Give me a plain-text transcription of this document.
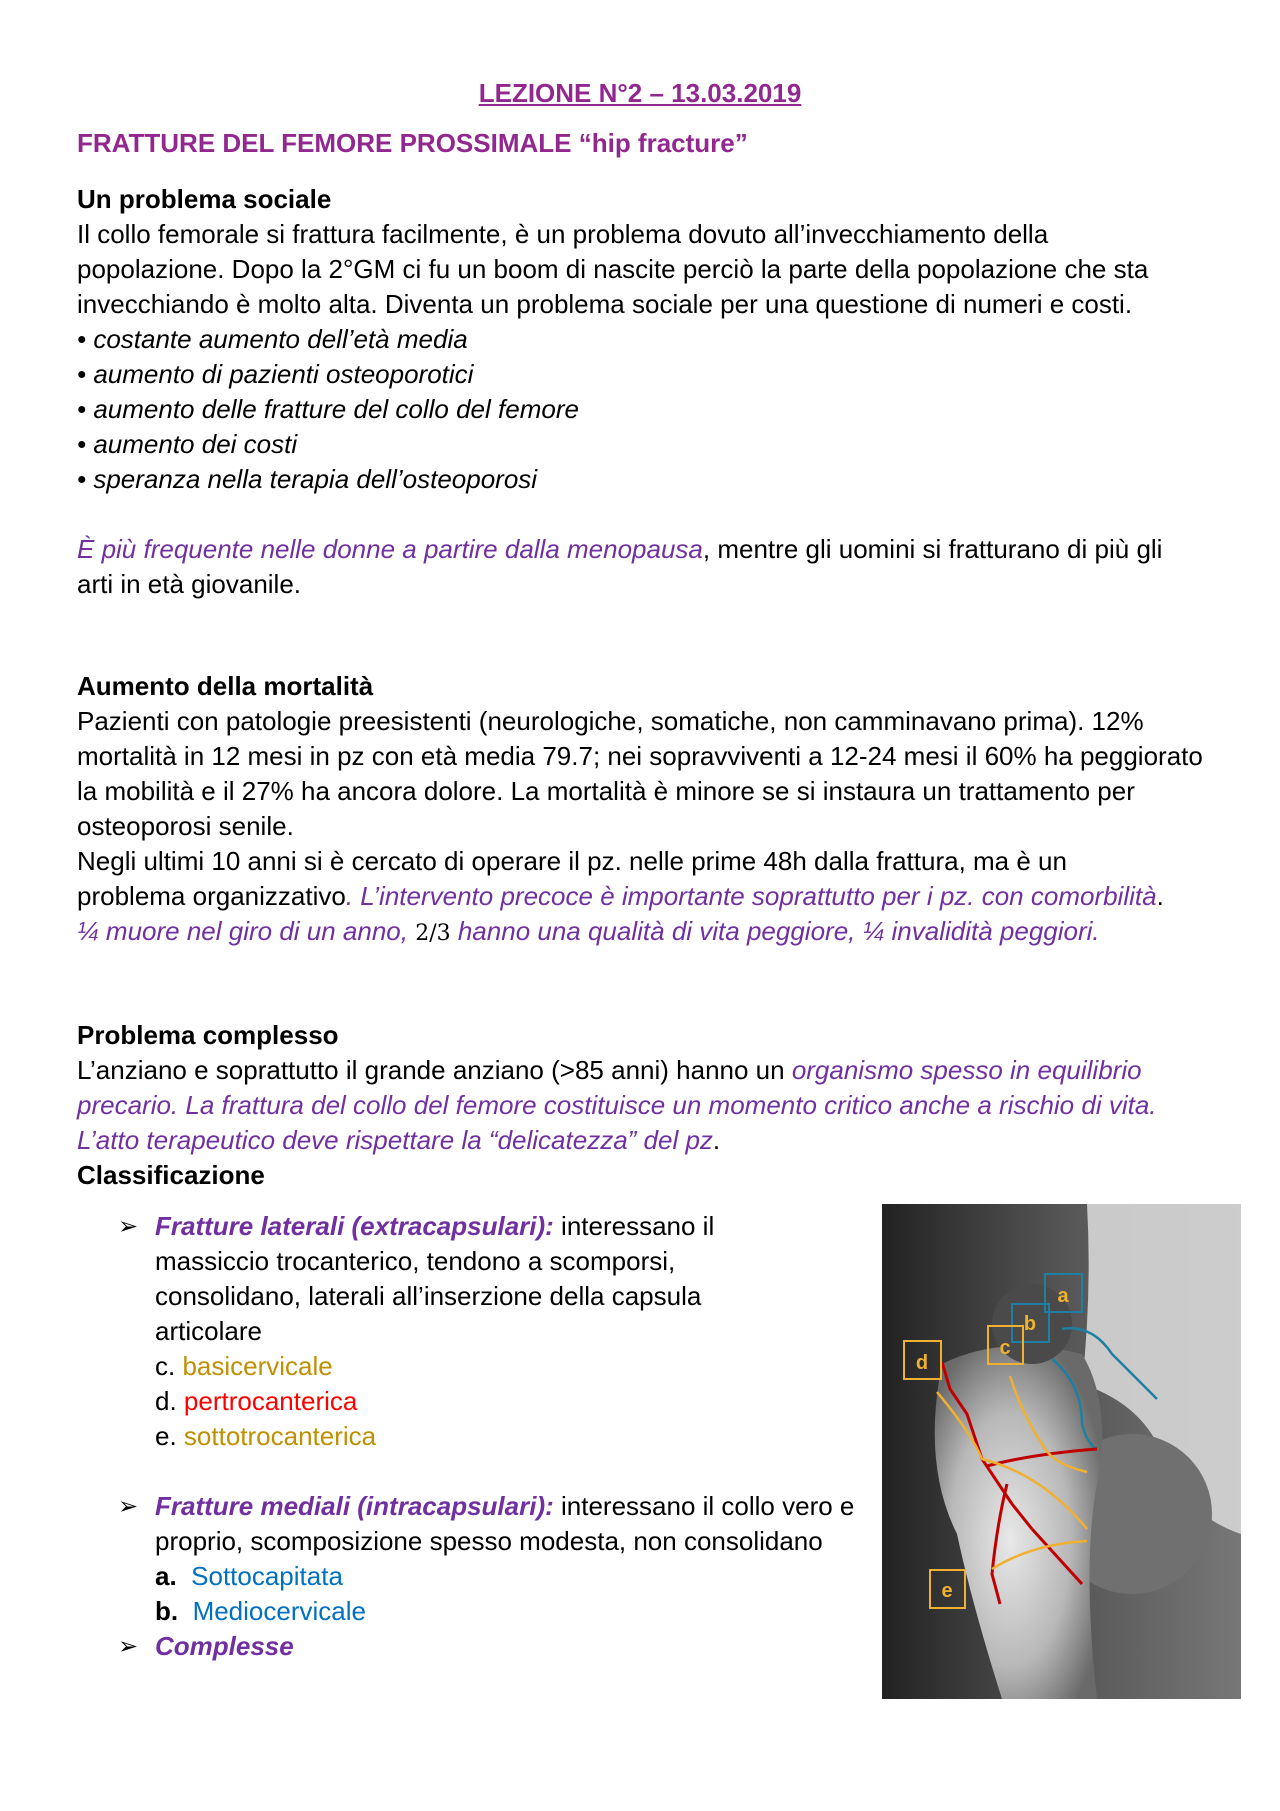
LEZIONE N°2 – 13.03.2019
FRATTURE DEL FEMORE PROSSIMALE “hip fracture”
Un problema sociale
Il collo femorale si frattura facilmente, è un problema dovuto all’invecchiamento della popolazione. Dopo la 2°GM ci fu un boom di nascite perciò la parte della popolazione che sta invecchiando è molto alta. Diventa un problema sociale per una questione di numeri e costi.
• costante aumento dell’età media
• aumento di pazienti osteoporotici
• aumento delle fratture del collo del femore
• aumento dei costi
• speranza nella terapia dell’osteoporosi
È più frequente nelle donne a partire dalla menopausa, mentre gli uomini si fratturano di più gli arti in età giovanile.
Aumento della mortalità
Pazienti con patologie preesistenti (neurologiche, somatiche, non camminavano prima). 12% mortalità in 12 mesi in pz con età media 79.7; nei sopravviventi a 12-24 mesi il 60% ha peggiorato la mobilità e il 27% ha ancora dolore. La mortalità è minore se si instaura un trattamento per osteoporosi senile.
Negli ultimi 10 anni si è cercato di operare il pz. nelle prime 48h dalla frattura, ma è un problema organizzativo. L’intervento precoce è importante soprattutto per i pz. con comorbilità. ¼ muore nel giro di un anno, 2/3 hanno una qualità di vita peggiore, ¼ invalidità peggiori.
Problema complesso
L’anziano e soprattutto il grande anziano (>85 anni) hanno un organismo spesso in equilibrio precario. La frattura del collo del femore costituisce un momento critico anche a rischio di vita. L’atto terapeutico deve rispettare la “delicatezza” del pz.
Classificazione
➢ Fratture laterali (extracapsulari): interessano il massiccio trocanterico, tendono a scomporsi, consolidano, laterali all’inserzione della capsula articolare
c. basicervicale
d. pertrocanterica
e. sottotrocanterica
➢ Fratture mediali (intracapsulari): interessano il collo vero e proprio, scomposizione spesso modesta, non consolidano
a. Sottocapitata
b. Mediocervicale
➢ Complesse
a
b
c
d
e
